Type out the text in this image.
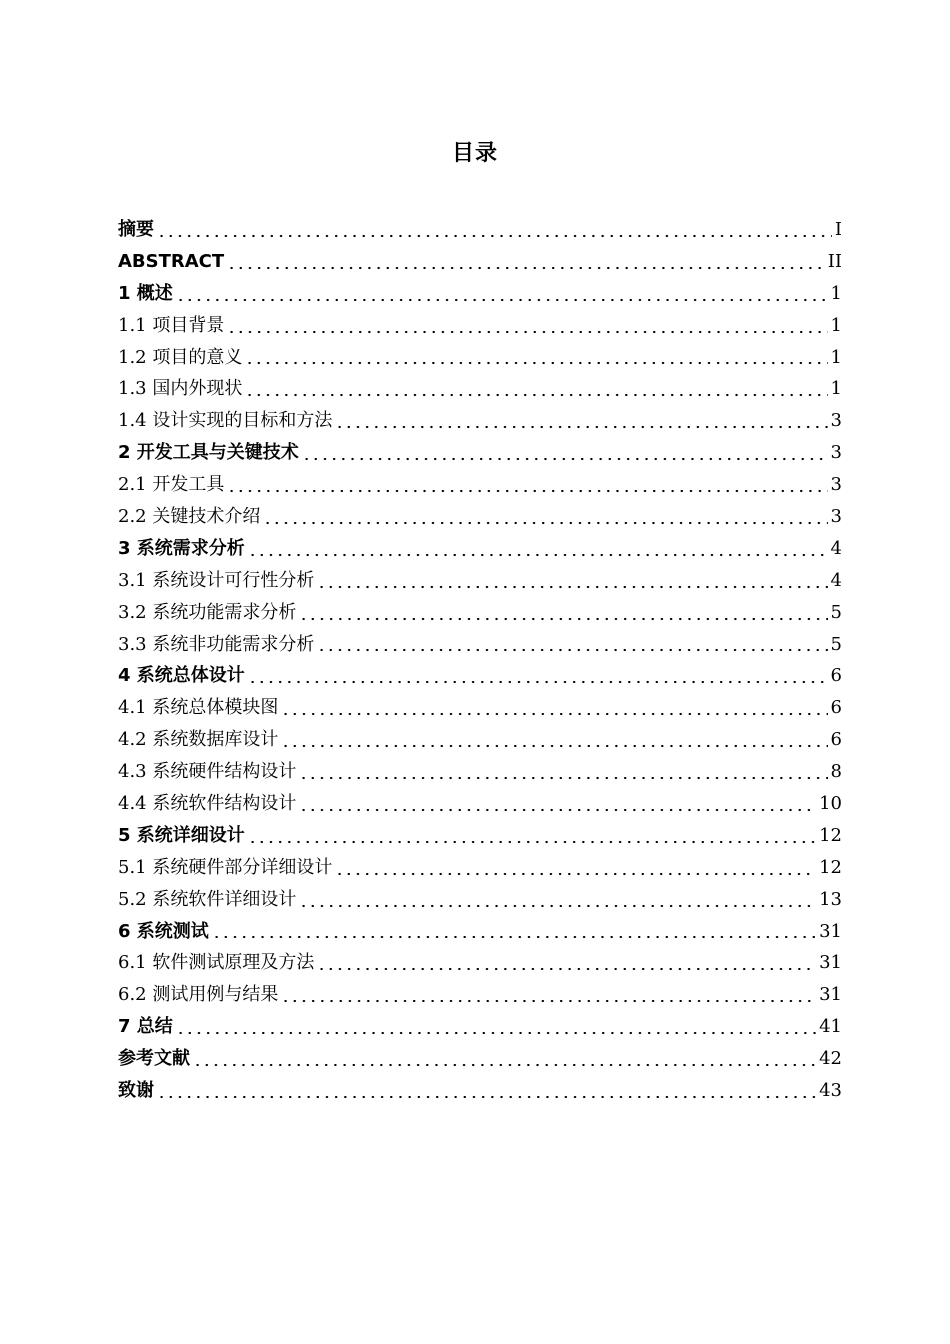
目录
摘要	I
ABSTRACT	II
1 概述	1
1.1 项目背景	1
1.2 项目的意义	1
1.3 国内外现状	1
1.4 设计实现的目标和方法	3
2 开发工具与关键技术	3
2.1 开发工具	3
2.2 关键技术介绍	3
3 系统需求分析	4
3.1 系统设计可行性分析	4
3.2 系统功能需求分析	5
3.3 系统非功能需求分析	5
4 系统总体设计	6
4.1 系统总体模块图	6
4.2 系统数据库设计	6
4.3 系统硬件结构设计	8
4.4 系统软件结构设计	10
5 系统详细设计	12
5.1 系统硬件部分详细设计	12
5.2 系统软件详细设计	13
6 系统测试	31
6.1 软件测试原理及方法	31
6.2 测试用例与结果	31
7 总结	41
参考文献	42
致谢	43
